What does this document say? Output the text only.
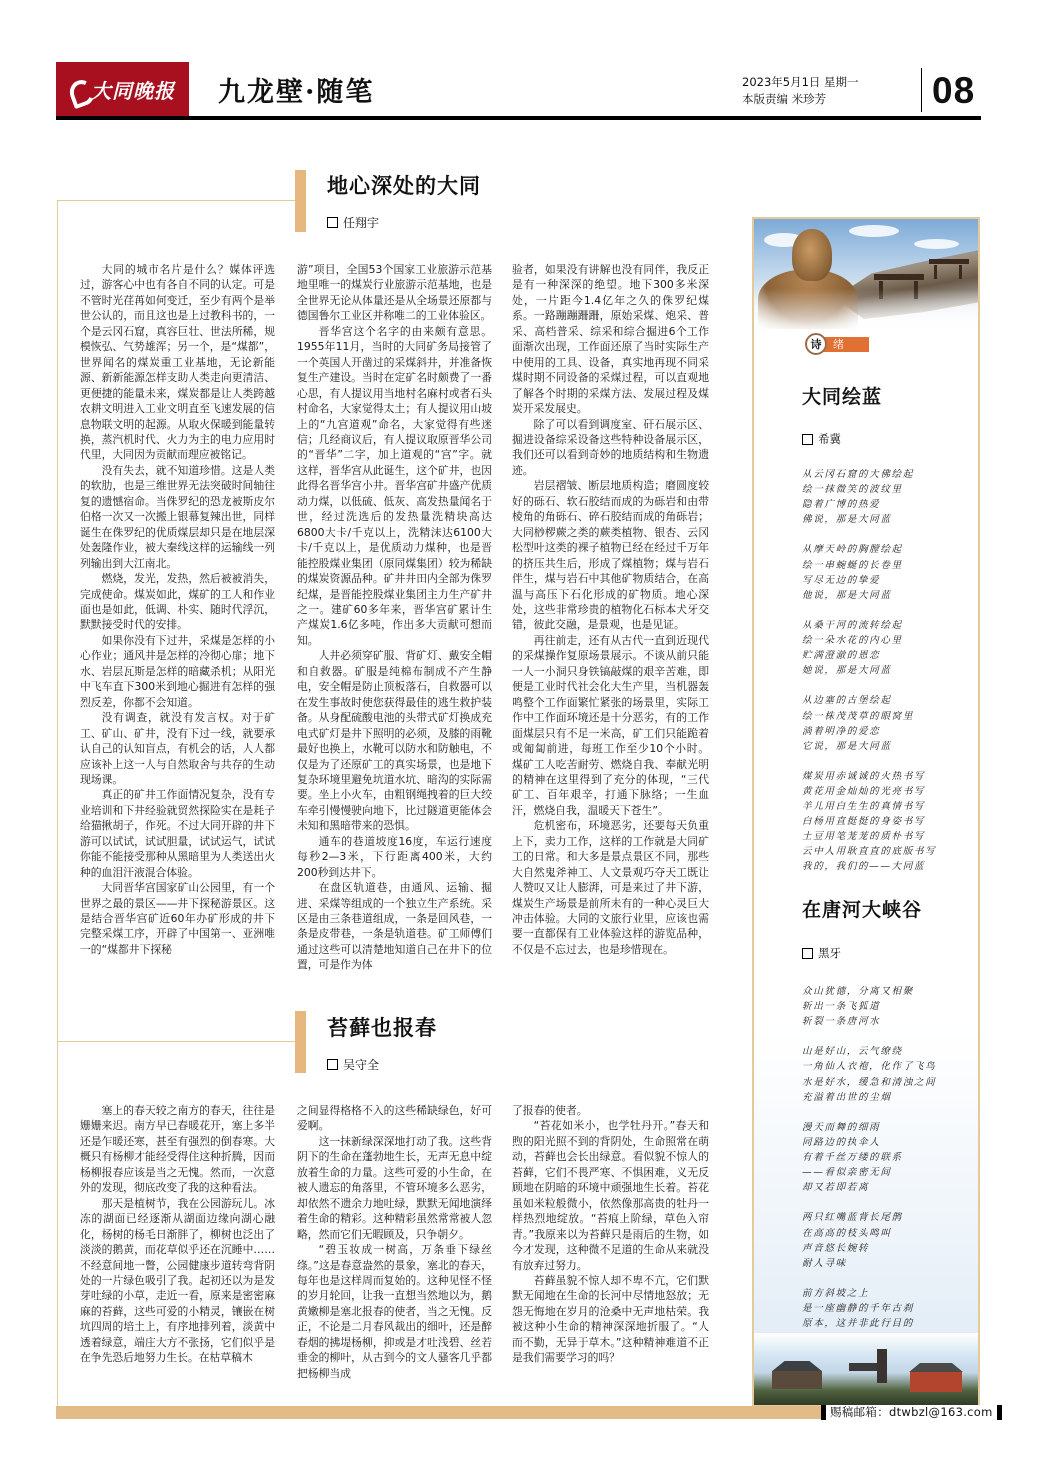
大同晚报 九龙壁·随笔	2023年5月1日 星期一
本版责编 米珍芳	08
地心深处的大同
任翔宇

大同的城市名片是什么？媒体评选过，游客心中也有各自不同的认定。可是不管时光荏苒如何变迁，至少有两个是举世公认的，而且这也是上过教科书的，一个是云冈石窟，真容巨壮、世法所稀，规模恢弘、气势雄浑；另一个，是“煤都”，世界闻名的煤炭重工业基地，无论新能源、新新能源怎样支助人类走向更清洁、更便捷的能量未来，煤炭都是让人类跨越农耕文明进入工业文明直至飞速发展的信息物联文明的起源。从取火保暖到能量转换，蒸汽机时代、火力为主的电力应用时代里，大同因为贡献而理应被铭记。

没有失去，就不知道珍惜。这是人类的软肋，也是三维世界无法突破时间轴往复的遗憾宿命。当侏罗纪的恐龙被斯皮尔伯格一次又一次搬上银幕复辣出世，同样诞生在侏罗纪的优质煤层却只是在地层深处轰隆作业，被大秦线这样的运输线一列列输出到大江南北。

燃烧，发光，发热，然后被被消失，完成使命。煤炭如此，煤矿的工人和作业面也是如此，低调、朴实、随时代浮沉，默默接受时代的安排。

如果你没有下过井，采煤是怎样的小心作业；通风井是怎样的冷彻心扉；地下水、岩层瓦斯是怎样的暗藏杀机；从阳光中飞车直下300米到地心掘进有怎样的强烈反差，你都不会知道。

没有调查，就没有发言权。对于矿工、矿山、矿井，没有下过一线，就要承认自己的认知盲点，有机会的话，人人都应该补上这一人与自然取舍与共存的生动现场课。

真正的矿井工作面情况复杂，没有专业培训和下井经验就贸然探险实在是耗子给猫揪胡子，作死。不过大同开辟的井下游可以试试，试试胆量，试试运气，试试你能不能接受那种从黑暗里为人类送出火种的血泪汗液混合体验。

大同晋华宫国家矿山公园里，有一个世界之最的景区——井下探秘游景区。这是结合晋华宫矿近60年办矿形成的井下完整采煤工序，开辟了中国第一、亚洲唯一的“煤都井下探秘

游”项目，全国53个国家工业旅游示范基地里唯一的煤炭行业旅游示范基地，也是全世界无论从体量还是从全场景还原都与德国鲁尔工业区并称唯二的工业体验区。

晋华宫这个名字的由来颇有意思。1955年11月，当时的大同矿务局接管了一个英国人开凿过的采煤斜井，并准备恢复生产建设。当时在定矿名时颇费了一番心思，有人提议用当地村名麻村或者石头村命名，大家觉得太土；有人提议用山坡上的“九宫道观”命名，大家觉得有些迷信；几经商议后，有人提议取原晋华公司的“晋华”二字，加上道观的“宫”字。就这样，晋华宫从此诞生，这个矿井，也因此得名晋华宫小井。晋华宫矿井盛产优质动力煤，以低硫、低灰、高发热量闻名于世，经过洗选后的发热量洗精块高达6800大卡/千克以上，洗精沫达6100大卡/千克以上，是优质动力煤种，也是晋能控股煤业集团（原同煤集团）较为稀缺的煤炭资源品种。矿井井田内全部为侏罗纪煤，是晋能控股煤业集团主力生产矿井之一。建矿60多年来，晋华宫矿累计生产煤炭1.6亿多吨，作出多大贡献可想而知。

人井必须穿矿服、背矿灯、戴安全帽和自救器。矿服是纯棉布制成不产生静电，安全帽是防止顶板落石，自救器可以在发生事故时使您获得最佳的逃生救护装备。从身配硫酸电池的头带式矿灯换成充电式矿灯是井下照明的必须，及膝的雨靴最好也换上，水靴可以防水和防触电，不仅是为了还原矿工的真实场景，也是地下复杂环境里避免坑道水坑、暗沟的实际需要。坐上小火车，由粗钢绳拽着的巨大绞车牵引慢慢驶向地下，比过隧道更能体会未知和黑暗带来的恐惧。

通车的巷道坡度16度，车运行速度每秒2—3米，下行距离400米，大约200秒到达井下。

在盘区轨道巷，由通风、运输、掘进、采煤等组成的一个独立生产系统。采区是由三条巷道组成，一条是回风巷，一条是皮带巷，一条是轨道巷。矿工师傅们通过这些可以清楚地知道自己在井下的位置，可是作为体

验者，如果没有讲解也没有同伴，我反正是有一种深深的绝望。地下300多米深处，一片距今1.4亿年之久的侏罗纪煤系。一路蹦蹦跚跚，原始采煤、炮采、普采、高档普采、综采和综合掘进6个工作面渐次出现，工作面还原了当时实际生产中使用的工具、设备，真实地再现不同采煤时期不同设备的采煤过程，可以直观地了解各个时期的采煤方法、发展过程及煤炭开采发展史。

除了可以看到调度室、矸石展示区、掘进设备综采设备这些特种设备展示区，我们还可以看到奇妙的地质结构和生物遗迹。

岩层褶皱、断层地质构造；磨圆度较好的砾石、软石胶结而成的为砾岩和由带棱角的角砾石、碎石胶结而成的角砾岩；大同桫椤蕨之类的蕨类植物、银杏、云冈松型叶这类的裸子植物已经在经过千万年的挤压共生后，形成了煤植物；煤与岩石伴生，煤与岩石中其他矿物质结合，在高温与高压下石化形成的矿物质。地心深处，这些非常珍贵的植物化石标本犬牙交错，彼此交融，是景观，也是见证。

再往前走，还有从古代一直到近现代的采煤操作复原场景展示。不谈从前只能一人一小洞只身铁镐敲煤的艰辛苦难，即便是工业时代社会化大生产里，当机器轰鸣整个工作面繁忙紧张的场景里，实际工作中工作面环境还是十分恶劣，有的工作面煤层只有不足一米高，矿工们只能跪着或匍匐前进，每班工作至少10个小时。煤矿工人吃苦耐劳、燃烧自我、奉献光明的精神在这里得到了充分的体现，“三代矿工、百年艰辛，打通下脉络；一生血汗，燃烧自我，温暖天下苍生”。

危机密布，环境恶劣，还要每天负重上下，卖力工作，这样的工作就是大同矿工的日常。和大多是景点景区不同，那些大自然鬼斧神工、人文景观巧夺天工既让人赞叹又让人膨湃，可是来过了井下游，煤炭生产场景是前所未有的一种心灵巨大冲击体验。大同的文旅行业里，应该也需要一直都保有工业体验这样的游览品种，不仅是不忘过去，也是珍惜现在。

苔藓也报春
吴守全

塞上的春天较之南方的春天，往往是姗姗来迟。南方早已春暖花开，塞上多半还是乍暖还寒，甚至有强烈的倒春寒。大概只有杨柳才能经受得住这种折腾，因而杨柳报春应该是当之无愧。然而，一次意外的发现，彻底改变了我的这种看法。

那天是植树节，我在公园游玩儿。冰冻的湖面已经逐渐从湖面边缘向湖心融化，杨树的杨毛日渐胖了，柳树也泛出了淡淡的鹅黄，而花草似乎还在沉睡中……不经意间地一瞥，公园健康步道转弯背阴处的一片绿色吸引了我。起初还以为是发芽吐绿的小草，走近一看，原来是密密麻麻的苔藓，这些可爱的小精灵，镶嵌在树坑四周的培土上，有序地排列着，淡黄中透着绿意，端庄大方不张扬，它们似乎是在争先恐后地努力生长。在枯草稿木

之间显得格格不入的这些稀缺绿色，好可爱啊。

这一抹新绿深深地打动了我。这些背阴下的生命在蓬勃地生长，无声无息中绽放着生命的力量。这些可爱的小生命，在被人遗忘的角落里，不管环境多么恶劣，却依然不遗余力地吐绿，默默无闻地演绎着生命的精彩。这种精彩虽然常常被人忽略，然而它们无暇顾及，只争朝夕。

“碧玉妆成一树高，万条垂下绿丝绦。”这是春意盎然的景象，塞北的春天，每年也是这样周而复始的。这种见怪不怪的岁月轮回，让我一直想当然地以为，鹅黄嫩柳是塞北报春的使者，当之无愧。反正，不论是二月春风裁出的细叶，还是醉春烟的拂堤杨柳，抑或是才吐浅碧、丝若垂金的柳叶，从古到今的文人骚客几乎都把杨柳当成

了报春的使者。

“苔花如米小，也学牡丹开。”春天和煦的阳光照不到的背阴处，生命照常在萌动，苔藓也会长出绿意。看似貌不惊人的苔藓，它们不畏严寒、不惧困难，义无反顾地在阴暗的环境中顽强地生长着。苔花虽如米粒般微小，依然像那高贵的牡丹一样热烈地绽放。“苔痕上阶绿，草色入帘青。”我原来以为苔藓只是雨后的生物，如今才发现，这种微不足道的生命从来就没有放弃过努力。

苔藓虽貌不惊人却不卑不亢，它们默默无闻地在生命的长河中尽情地怒放；无怨无悔地在岁月的沧桑中无声地枯荣。我被这种小生命的精神深深地折服了。“人而不勤，无异于草木。”这种精神难道不正是我们需要学习的吗？

诗	绪
大同绘蓝
希冀
从云冈石窟的大佛绘起
绘一抹微笑的波纹里
隐着广博的热爱
佛说，那是大同蓝
从摩天岭的胸膛绘起
绘一串蜿蜒的长卷里
写尽无边的挚爱
他说，那是大同蓝
从桑干河的流转绘起
绘一朵水花的内心里
贮满澄澈的恩恋
她说，那是大同蓝
从边塞的古堡绘起
绘一株茂茂草的眼窝里
淌着明净的爱恋
它说，那是大同蓝
煤炭用赤诚诚的火热书写
黄花用金灿灿的光亮书写
羊儿用白生生的真情书写
白杨用直挺挺的身姿书写
土豆用笔茏茏的质朴书写
云中人用耿直直的底版书写
我的，我们的——大同蓝
在唐河大峡谷
黑牙
众山犹德，分离又相聚
斩出一条飞狐道
斩裂一条唐河水
山是好山，云气缭绕
一角仙人衣袍，化作了飞鸟
水是好水，缓急和清浊之间
充溢着出世的尘烟
漫天而舞的细雨
同路边的执伞人
有着千丝万缕的联系
——看似亲密无间
却又若即若离
两只红嘴蓝背长尾鹊
在高高的枝头鸣叫
声音悠长婉转
耐人寻味
前方斜坡之上
是一座幽静的千年古刹
原本，这并非此行目的
赐稿邮箱：dtwbzl@163.com
